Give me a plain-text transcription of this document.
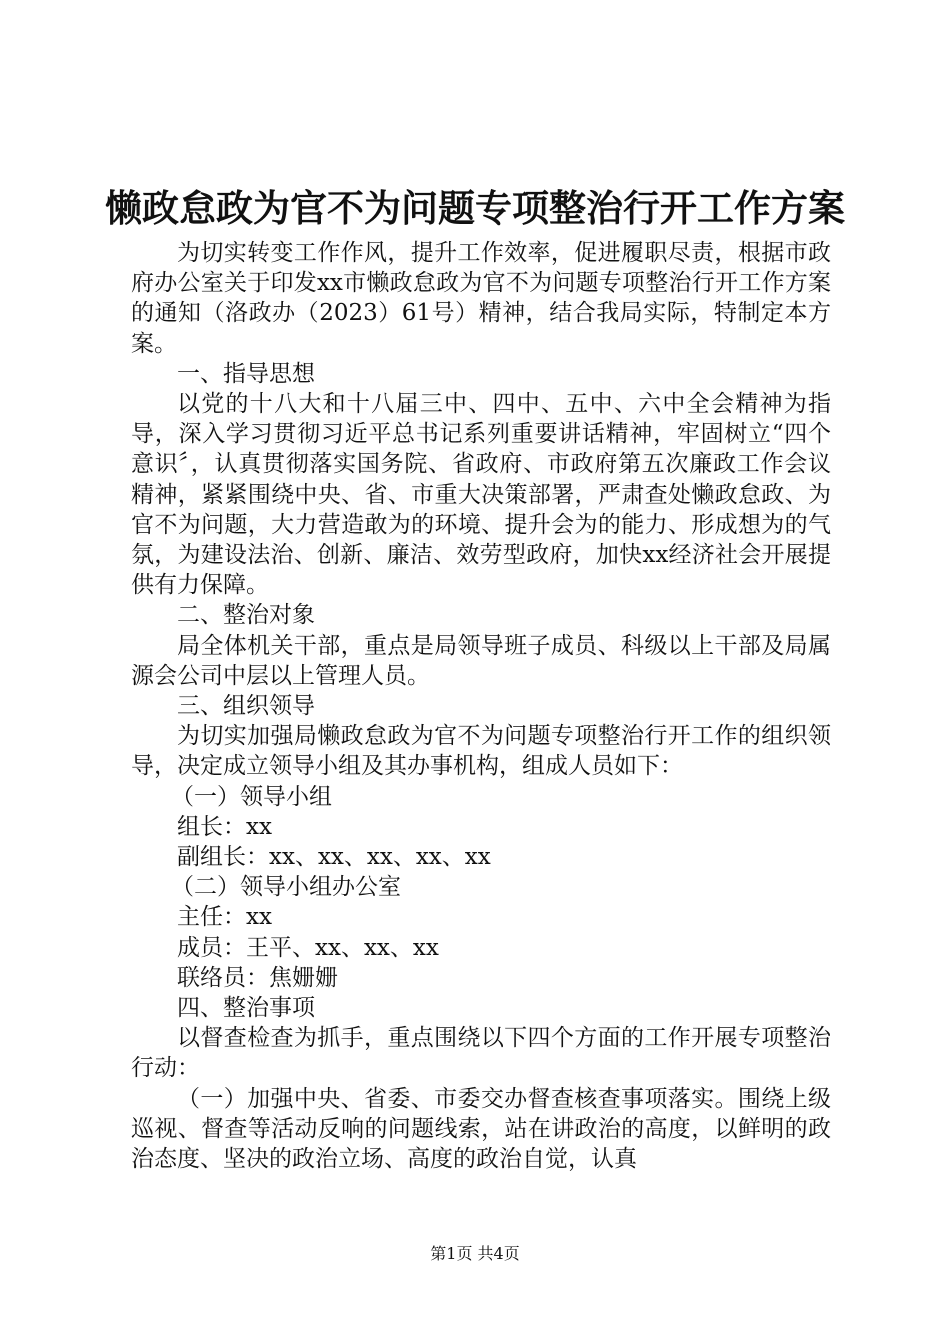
懒政怠政为官不为问题专项整治行开工作方案

为切实转变工作作风，提升工作效率，促进履职尽责，根据市政府办公室关于印发xx市懒政怠政为官不为问题专项整治行开工作方案的通知（洛政办（2023）61号）精神，结合我局实际，特制定本方案。

一、指导思想

以党的十八大和十八届三中、四中、五中、六中全会精神为指导，深入学习贯彻习近平总书记系列重要讲话精神，牢固树立“四个意识〞，认真贯彻落实国务院、省政府、市政府第五次廉政工作会议精神，紧紧围绕中央、省、市重大决策部署，严肃查处懒政怠政、为官不为问题，大力营造敢为的环境、提升会为的能力、形成想为的气氛，为建设法治、创新、廉洁、效劳型政府，加快xx经济社会开展提供有力保障。

二、整治对象

局全体机关干部，重点是局领导班子成员、科级以上干部及局属源会公司中层以上管理人员。

三、组织领导

为切实加强局懒政怠政为官不为问题专项整治行开工作的组织领导，决定成立领导小组及其办事机构，组成人员如下：

（一）领导小组

组长：xx

副组长：xx、xx、xx、xx、xx

（二）领导小组办公室

主任：xx

成员：王平、xx、xx、xx

联络员：焦姗姗

四、整治事项

以督查检查为抓手，重点围绕以下四个方面的工作开展专项整治行动：

（一）加强中央、省委、市委交办督查核查事项落实。围绕上级巡视、督查等活动反响的问题线索，站在讲政治的高度，以鲜明的政治态度、坚决的政治立场、高度的政治自觉，认真

第1页 共4页
